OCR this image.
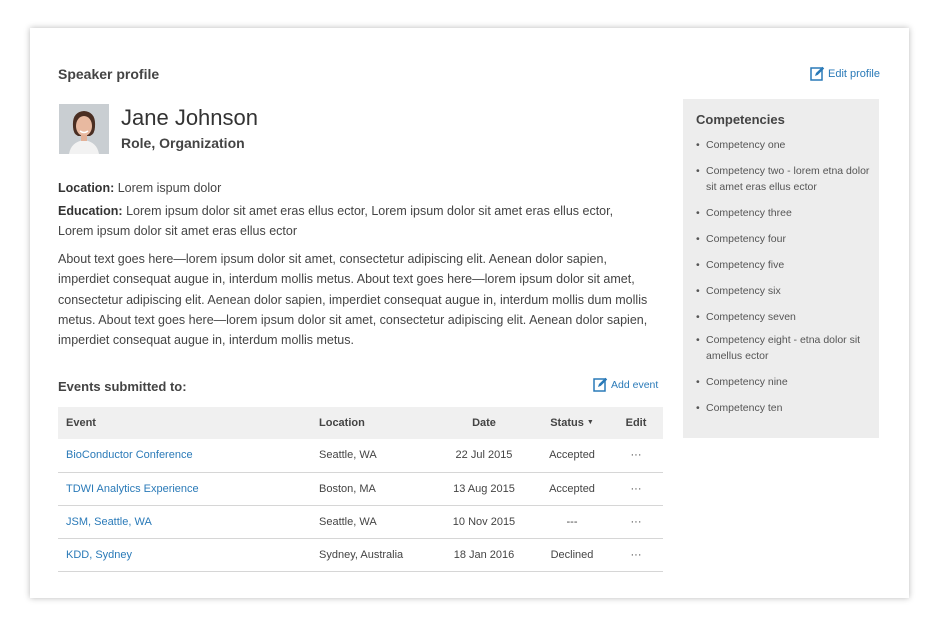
Speaker profile	Edit profile
Jane Johnson
Role, Organization
Location: Lorem ispum dolor
Education: Lorem ipsum dolor sit amet eras ellus ector, Lorem ipsum dolor sit amet eras ellus ector, Lorem ipsum dolor sit amet eras ellus ector
About text goes here—lorem ipsum dolor sit amet, consectetur adipiscing elit. Aenean dolor sapien, imperdiet consequat augue in, interdum mollis metus. About text goes here—lorem ipsum dolor sit amet, consectetur adipiscing elit. Aenean dolor sapien, imperdiet consequat augue in, interdum mollis dum mollis metus. About text goes here—lorem ipsum dolor sit amet, consectetur adipiscing elit. Aenean dolor sapien, imperdiet consequat augue in, interdum mollis metus.
Events submitted to:	Add event
Event	Location	Date	Status ▼	Edit
BioConductor Conference	Seattle, WA	22 Jul 2015	Accepted	···
TDWI Analytics Experience	Boston, MA	13 Aug 2015	Accepted	···
JSM, Seattle, WA	Seattle, WA	10 Nov 2015	---	···
KDD, Sydney	Sydney, Australia	18 Jan 2016	Declined	···
Competencies
• Competency one
• Competency two - lorem etna dolor sit amet eras ellus ector
• Competency three
• Competency four
• Competency five
• Competency six
• Competency seven
• Competency eight - etna dolor sit amellus ector
• Competency nine
• Competency ten
